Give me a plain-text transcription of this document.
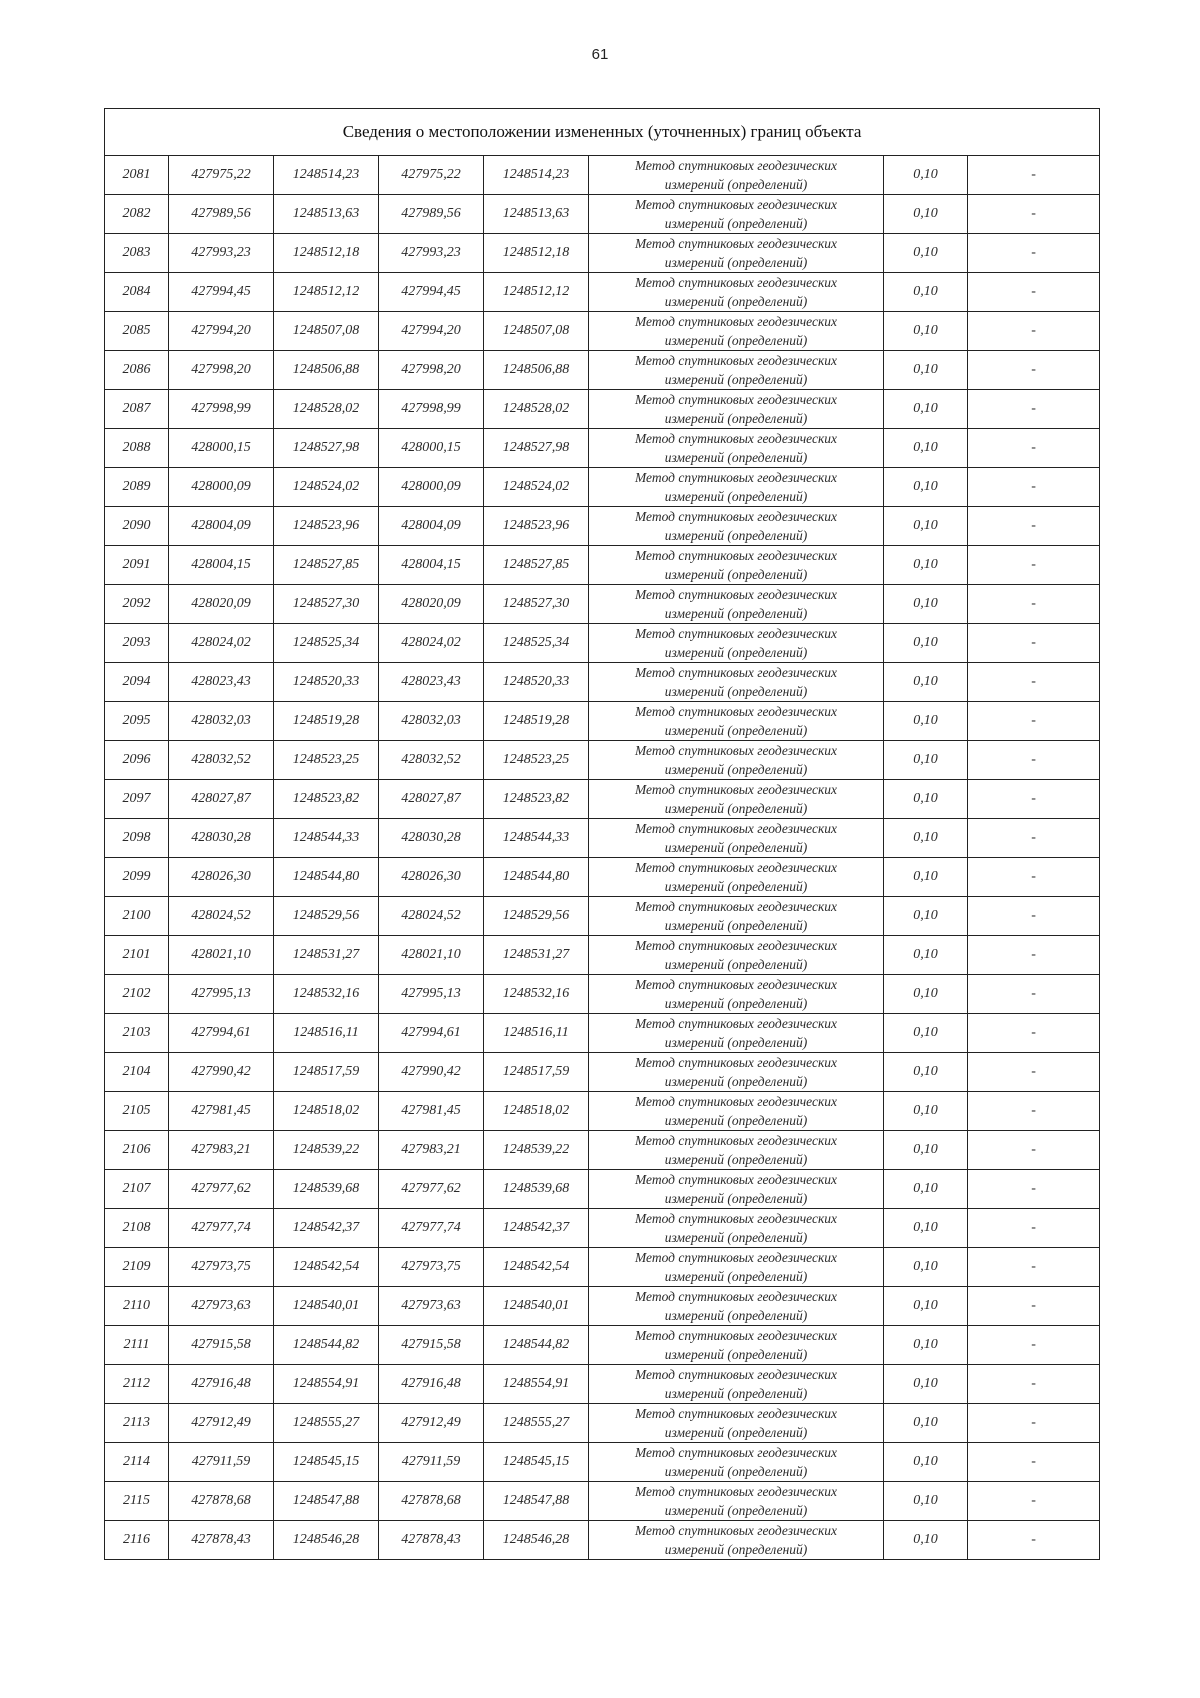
61
Сведения о местоположении измененных (уточненных) границ объекта							
2081	427975,22	1248514,23	427975,22	1248514,23	Метод спутниковых геодезических
измерений (определений)	0,10	-
2082	427989,56	1248513,63	427989,56	1248513,63	Метод спутниковых геодезических
измерений (определений)	0,10	-
2083	427993,23	1248512,18	427993,23	1248512,18	Метод спутниковых геодезических
измерений (определений)	0,10	-
2084	427994,45	1248512,12	427994,45	1248512,12	Метод спутниковых геодезических
измерений (определений)	0,10	-
2085	427994,20	1248507,08	427994,20	1248507,08	Метод спутниковых геодезических
измерений (определений)	0,10	-
2086	427998,20	1248506,88	427998,20	1248506,88	Метод спутниковых геодезических
измерений (определений)	0,10	-
2087	427998,99	1248528,02	427998,99	1248528,02	Метод спутниковых геодезических
измерений (определений)	0,10	-
2088	428000,15	1248527,98	428000,15	1248527,98	Метод спутниковых геодезических
измерений (определений)	0,10	-
2089	428000,09	1248524,02	428000,09	1248524,02	Метод спутниковых геодезических
измерений (определений)	0,10	-
2090	428004,09	1248523,96	428004,09	1248523,96	Метод спутниковых геодезических
измерений (определений)	0,10	-
2091	428004,15	1248527,85	428004,15	1248527,85	Метод спутниковых геодезических
измерений (определений)	0,10	-
2092	428020,09	1248527,30	428020,09	1248527,30	Метод спутниковых геодезических
измерений (определений)	0,10	-
2093	428024,02	1248525,34	428024,02	1248525,34	Метод спутниковых геодезических
измерений (определений)	0,10	-
2094	428023,43	1248520,33	428023,43	1248520,33	Метод спутниковых геодезических
измерений (определений)	0,10	-
2095	428032,03	1248519,28	428032,03	1248519,28	Метод спутниковых геодезических
измерений (определений)	0,10	-
2096	428032,52	1248523,25	428032,52	1248523,25	Метод спутниковых геодезических
измерений (определений)	0,10	-
2097	428027,87	1248523,82	428027,87	1248523,82	Метод спутниковых геодезических
измерений (определений)	0,10	-
2098	428030,28	1248544,33	428030,28	1248544,33	Метод спутниковых геодезических
измерений (определений)	0,10	-
2099	428026,30	1248544,80	428026,30	1248544,80	Метод спутниковых геодезических
измерений (определений)	0,10	-
2100	428024,52	1248529,56	428024,52	1248529,56	Метод спутниковых геодезических
измерений (определений)	0,10	-
2101	428021,10	1248531,27	428021,10	1248531,27	Метод спутниковых геодезических
измерений (определений)	0,10	-
2102	427995,13	1248532,16	427995,13	1248532,16	Метод спутниковых геодезических
измерений (определений)	0,10	-
2103	427994,61	1248516,11	427994,61	1248516,11	Метод спутниковых геодезических
измерений (определений)	0,10	-
2104	427990,42	1248517,59	427990,42	1248517,59	Метод спутниковых геодезических
измерений (определений)	0,10	-
2105	427981,45	1248518,02	427981,45	1248518,02	Метод спутниковых геодезических
измерений (определений)	0,10	-
2106	427983,21	1248539,22	427983,21	1248539,22	Метод спутниковых геодезических
измерений (определений)	0,10	-
2107	427977,62	1248539,68	427977,62	1248539,68	Метод спутниковых геодезических
измерений (определений)	0,10	-
2108	427977,74	1248542,37	427977,74	1248542,37	Метод спутниковых геодезических
измерений (определений)	0,10	-
2109	427973,75	1248542,54	427973,75	1248542,54	Метод спутниковых геодезических
измерений (определений)	0,10	-
2110	427973,63	1248540,01	427973,63	1248540,01	Метод спутниковых геодезических
измерений (определений)	0,10	-
2111	427915,58	1248544,82	427915,58	1248544,82	Метод спутниковых геодезических
измерений (определений)	0,10	-
2112	427916,48	1248554,91	427916,48	1248554,91	Метод спутниковых геодезических
измерений (определений)	0,10	-
2113	427912,49	1248555,27	427912,49	1248555,27	Метод спутниковых геодезических
измерений (определений)	0,10	-
2114	427911,59	1248545,15	427911,59	1248545,15	Метод спутниковых геодезических
измерений (определений)	0,10	-
2115	427878,68	1248547,88	427878,68	1248547,88	Метод спутниковых геодезических
измерений (определений)	0,10	-
2116	427878,43	1248546,28	427878,43	1248546,28	Метод спутниковых геодезических
измерений (определений)	0,10	-
